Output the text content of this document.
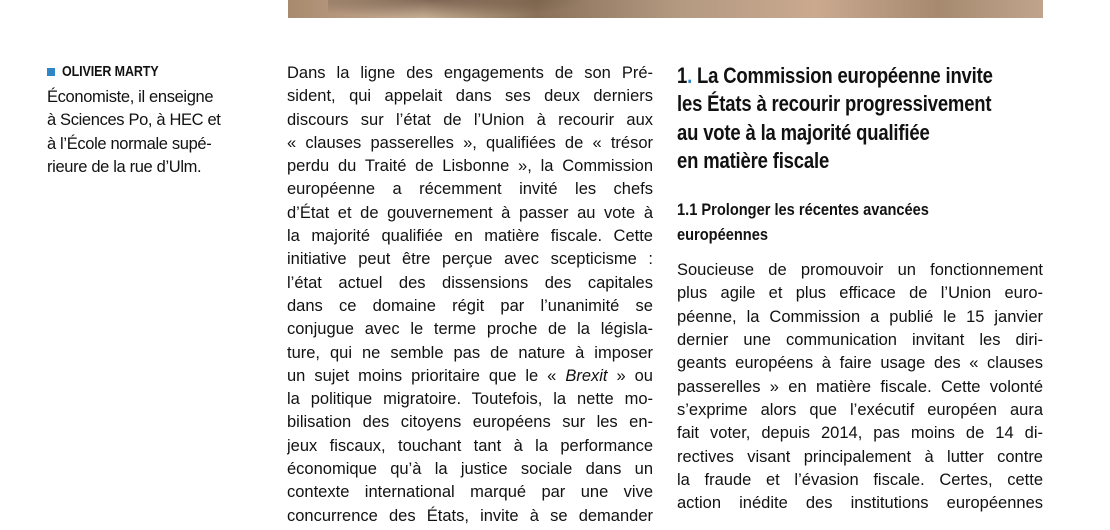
OLIVIER MARTY
Économiste, il enseigne
à Sciences Po, à HEC et
à l’École normale supé-
rieure de la rue d’Ulm.
Dans la ligne des engagements de son Pré-
sident, qui appelait dans ses deux derniers
discours sur l’état de l’Union à recourir aux
« clauses passerelles », qualifiées de « trésor
perdu du Traité de Lisbonne », la Commission
européenne a récemment invité les chefs
d’État et de gouvernement à passer au vote à
la majorité qualifiée en matière fiscale. Cette
initiative peut être perçue avec scepticisme :
l’état actuel des dissensions des capitales
dans ce domaine régit par l’unanimité se
conjugue avec le terme proche de la législa-
ture, qui ne semble pas de nature à imposer
un sujet moins prioritaire que le « Brexit » ou
la politique migratoire. Toutefois, la nette mo-
bilisation des citoyens européens sur les en-
jeux fiscaux, touchant tant à la performance
économique qu’à la justice sociale dans un
contexte international marqué par une vive
concurrence des États, invite à se demander
1. La Commission européenne invite
les États à recourir progressivement
au vote à la majorité qualifiée
en matière fiscale
1.1 Prolonger les récentes avancées
européennes
Soucieuse de promouvoir un fonctionnement
plus agile et plus efficace de l’Union euro-
péenne, la Commission a publié le 15 janvier
dernier une communication invitant les diri-
geants européens à faire usage des « clauses
passerelles » en matière fiscale. Cette volonté
s’exprime alors que l’exécutif européen aura
fait voter, depuis 2014, pas moins de 14 di-
rectives visant principalement à lutter contre
la fraude et l’évasion fiscale. Certes, cette
action inédite des institutions européennes
